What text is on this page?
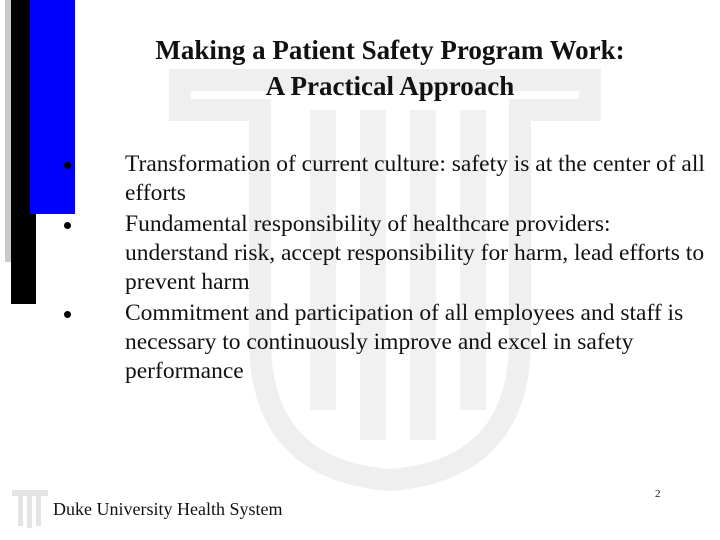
Making a Patient Safety Program Work:
A Practical Approach
Transformation of current culture: safety is at the center of all efforts
Fundamental responsibility of healthcare providers: understand risk, accept responsibility for harm, lead efforts to prevent harm
Commitment and participation of all employees and staff is necessary to continuously improve and excel in safety performance
Duke University Health System
2
